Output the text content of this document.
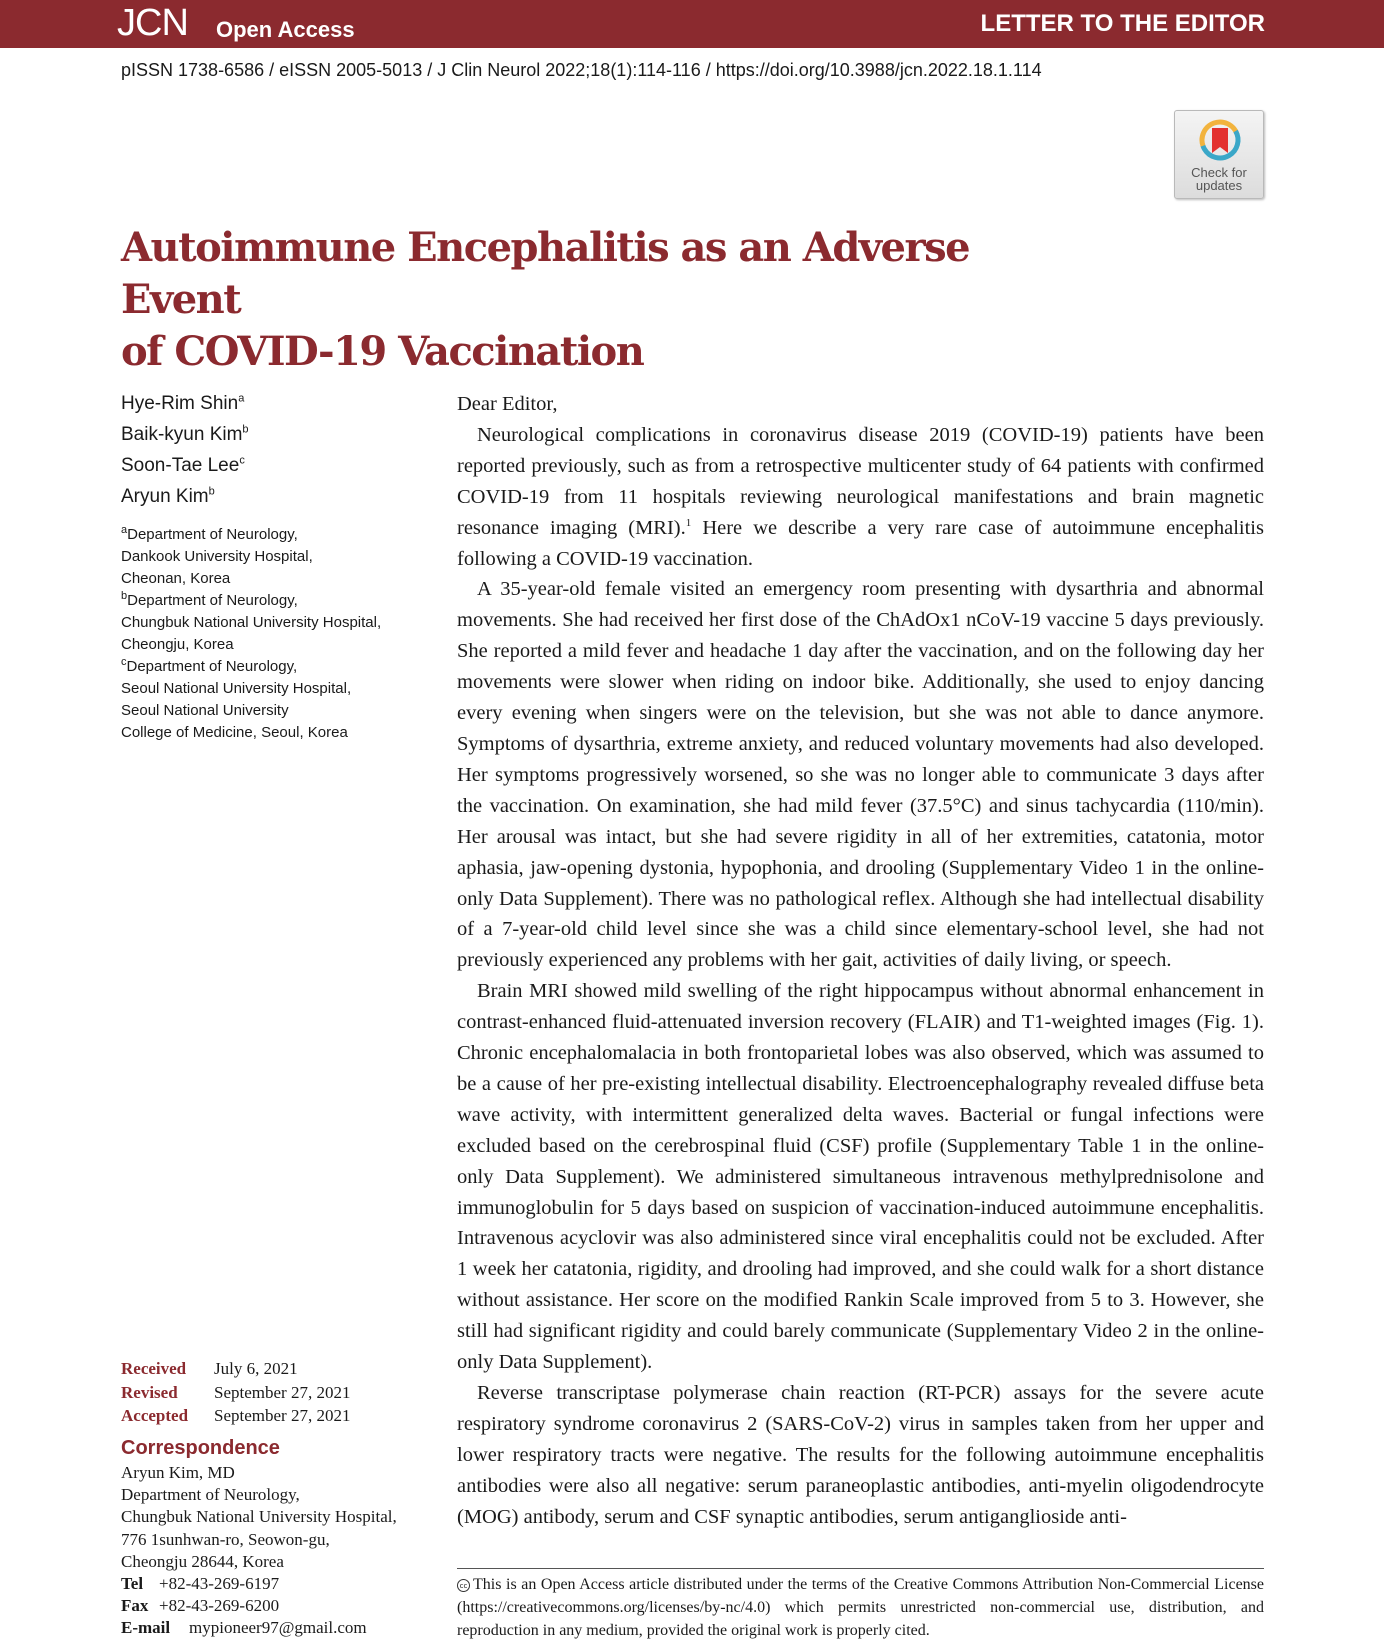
JCN Open Access	LETTER TO THE EDITOR
pISSN 1738-6586 / eISSN 2005-5013 / J Clin Neurol 2022;18(1):114-116 / https://doi.org/10.3988/jcn.2022.18.1.114
Check for
updates
Autoimmune Encephalitis as an Adverse Event
of COVID-19 Vaccination
Hye-Rim Shin$^a$
Baik-kyun Kim$^b$
Soon-Tae Lee$^c$
Aryun Kim$^b$
$^a$Department of Neurology,
Dankook University Hospital,
Cheonan, Korea
$^b$Department of Neurology,
Chungbuk National University Hospital,
Cheongju, Korea
$^c$Department of Neurology,
Seoul National University Hospital,
Seoul National University
College of Medicine, Seoul, Korea
Received	July 6, 2021
Revised	September 27, 2021
Accepted	September 27, 2021
Correspondence
Aryun Kim, MD
Department of Neurology,
Chungbuk National University Hospital,
776 1sunhwan-ro, Seowon-gu,
Cheongju 28644, Korea
Tel +82-43-269-6197
Fax +82-43-269-6200
E-mail mypioneer97@gmail.com

Dear Editor,

Neurological complications in coronavirus disease 2019 (COVID-19) patients have been reported previously, such as from a retrospective multicenter study of 64 patients with confirmed COVID-19 from 11 hospitals reviewing neurological manifestations and brain magnetic resonance imaging (MRI).$^1$ Here we describe a very rare case of autoimmune encephalitis following a COVID-19 vaccination.

A 35-year-old female visited an emergency room presenting with dysarthria and abnormal movements. She had received her first dose of the ChAdOx1 nCoV-19 vaccine 5 days previously. She reported a mild fever and headache 1 day after the vaccination, and on the following day her movements were slower when riding on indoor bike. Additionally, she used to enjoy dancing every evening when singers were on the television, but she was not able to dance anymore. Symptoms of dysarthria, extreme anxiety, and reduced voluntary movements had also developed. Her symptoms progressively worsened, so she was no longer able to communicate 3 days after the vaccination. On examination, she had mild fever (37.5°C) and sinus tachycardia (110/min). Her arousal was intact, but she had severe rigidity in all of her extremities, catatonia, motor aphasia, jaw-opening dystonia, hypophonia, and drooling (Supplementary Video 1 in the online-only Data Supplement). There was no pathological reflex. Although she had intellectual disability of a 7-year-old child level since she was a child since elementary-school level, she had not previously experienced any problems with her gait, activities of daily living, or speech.

Brain MRI showed mild swelling of the right hippocampus without abnormal enhancement in contrast-enhanced fluid-attenuated inversion recovery (FLAIR) and T1-weighted images (Fig. 1). Chronic encephalomalacia in both frontoparietal lobes was also observed, which was assumed to be a cause of her pre-existing intellectual disability. Electroencephalography revealed diffuse beta wave activity, with intermittent generalized delta waves. Bacterial or fungal infections were excluded based on the cerebrospinal fluid (CSF) profile (Supplementary Table 1 in the online-only Data Supplement). We administered simultaneous intravenous methylprednisolone and immunoglobulin for 5 days based on suspicion of vaccination-induced autoimmune encephalitis. Intravenous acyclovir was also administered since viral encephalitis could not be excluded. After 1 week her catatonia, rigidity, and drooling had improved, and she could walk for a short distance without assistance. Her score on the modified Rankin Scale improved from 5 to 3. However, she still had significant rigidity and could barely communicate (Supplementary Video 2 in the online-only Data Supplement).

Reverse transcriptase polymerase chain reaction (RT-PCR) assays for the severe acute respiratory syndrome coronavirus 2 (SARS-CoV-2) virus in samples taken from her upper and lower respiratory tracts were negative. The results for the following autoimmune encephalitis antibodies were also all negative: serum paraneoplastic antibodies, anti-myelin oligodendrocyte (MOG) antibody, serum and CSF synaptic antibodies, serum antiganglioside anti-

cc This is an Open Access article distributed under the terms of the Creative Commons Attribution Non-Commercial License (https://creativecommons.org/licenses/by-nc/4.0) which permits unrestricted non-commercial use, distribution, and reproduction in any medium, provided the original work is properly cited.
